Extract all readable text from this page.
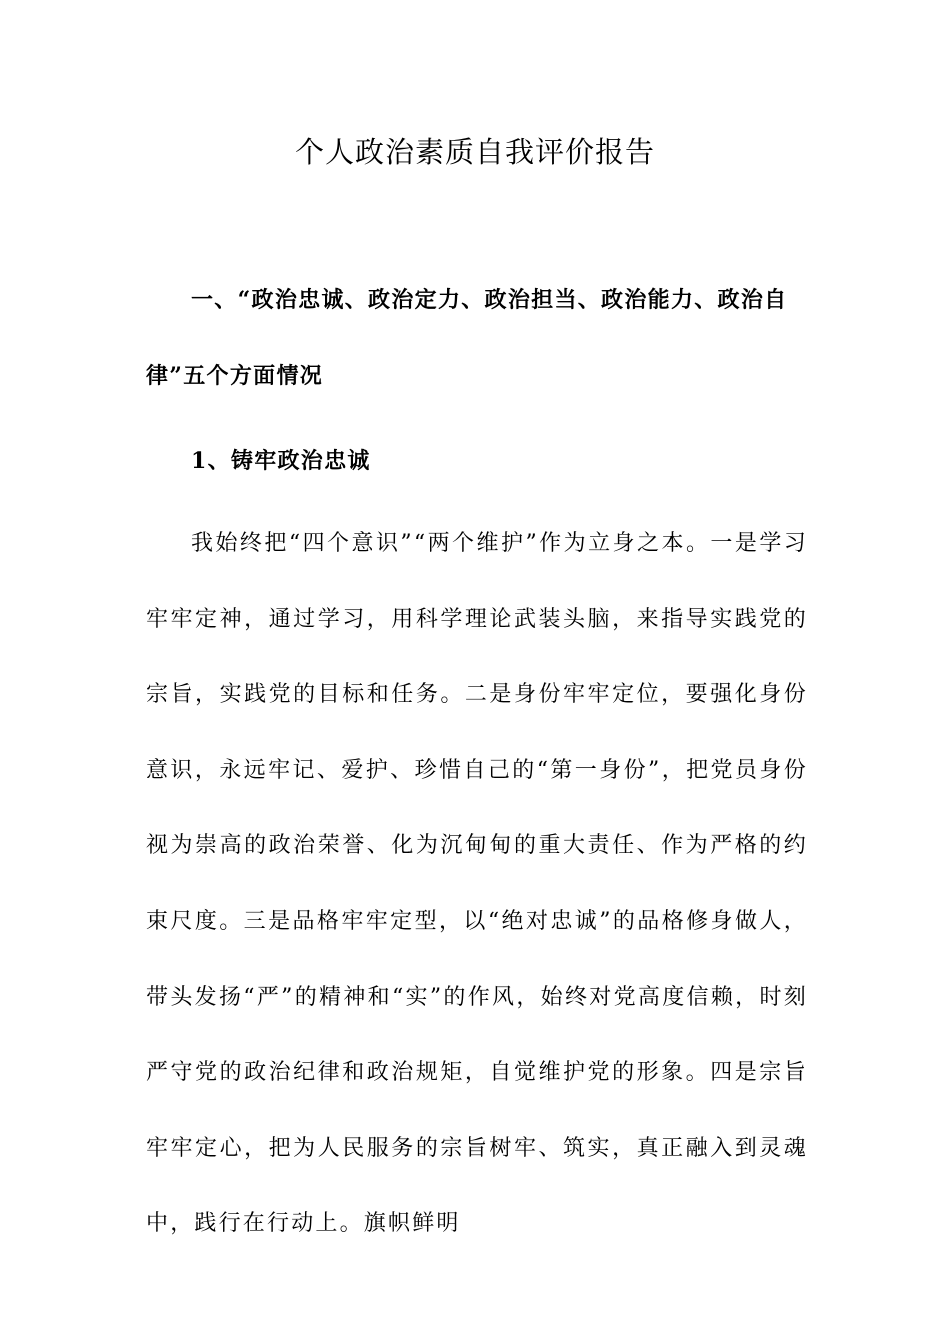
个人政治素质自我评价报告

一、“政治忠诚、政治定力、政治担当、政治能力、政治自律”五个方面情况

1、铸牢政治忠诚

我始终把“四个意识”“两个维护”作为立身之本。一是学习牢牢定神，通过学习，用科学理论武装头脑，来指导实践党的宗旨，实践党的目标和任务。二是身份牢牢定位，要强化身份意识，永远牢记、爱护、珍惜自己的“第一身份”，把党员身份视为崇高的政治荣誉、化为沉甸甸的重大责任、作为严格的约束尺度。三是品格牢牢定型，以“绝对忠诚”的品格修身做人，带头发扬“严”的精神和“实”的作风，始终对党高度信赖，时刻严守党的政治纪律和政治规矩，自觉维护党的形象。四是宗旨牢牢定心，把为人民服务的宗旨树牢、筑实，真正融入到灵魂中，践行在行动上。旗帜鲜明
